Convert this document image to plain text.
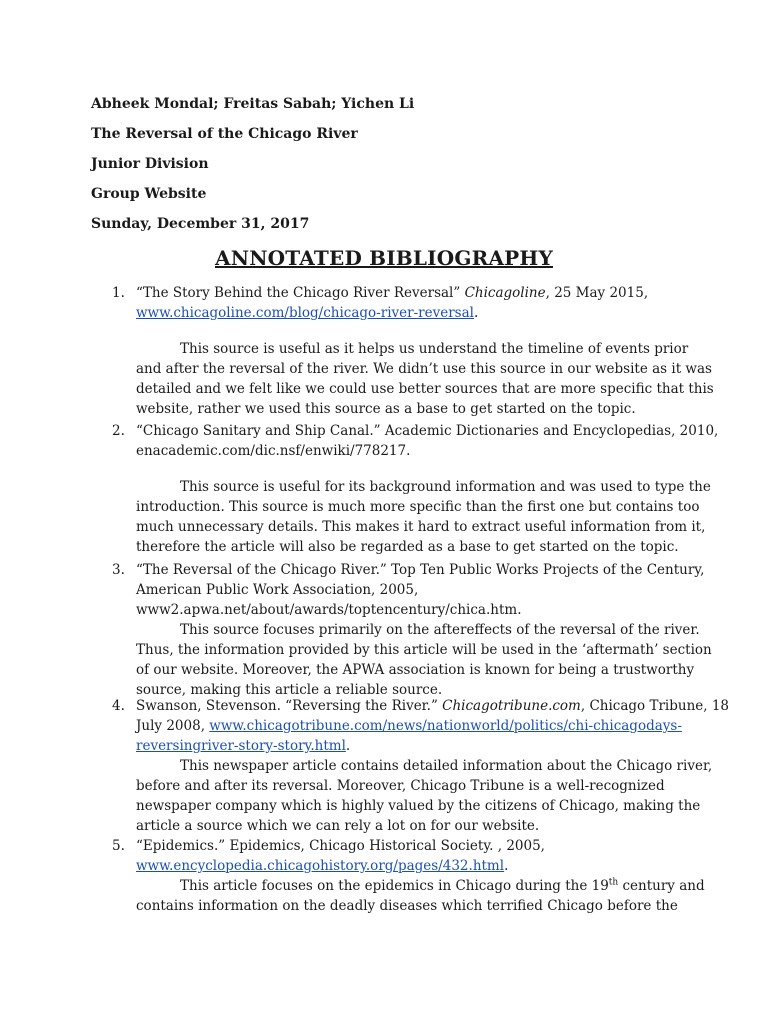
Abheek Mondal; Freitas Sabah; Yichen Li
The Reversal of the Chicago River
Junior Division
Group Website
Sunday, December 31, 2017
ANNOTATED BIBLIOGRAPHY
1. “The Story Behind the Chicago River Reversal” Chicagoline, 25 May 2015,
www.chicagoline.com/blog/chicago-river-reversal.
This source is useful as it helps us understand the timeline of events prior
and after the reversal of the river. We didn’t use this source in our website as it was
detailed and we felt like we could use better sources that are more specific that this
website, rather we used this source as a base to get started on the topic.
2. “Chicago Sanitary and Ship Canal.” Academic Dictionaries and Encyclopedias, 2010,
enacademic.com/dic.nsf/enwiki/778217.
This source is useful for its background information and was used to type the
introduction. This source is much more specific than the first one but contains too
much unnecessary details. This makes it hard to extract useful information from it,
therefore the article will also be regarded as a base to get started on the topic.
3. “The Reversal of the Chicago River.” Top Ten Public Works Projects of the Century,
American Public Work Association, 2005,
www2.apwa.net/about/awards/toptencentury/chica.htm.
This source focuses primarily on the aftereffects of the reversal of the river.
Thus, the information provided by this article will be used in the ‘aftermath’ section
of our website. Moreover, the APWA association is known for being a trustworthy
source, making this article a reliable source.
4. Swanson, Stevenson. “Reversing the River.” Chicagotribune.com, Chicago Tribune, 18
July 2008, www.chicagotribune.com/news/nationworld/politics/chi-chicagodays-
reversingriver-story-story.html.
This newspaper article contains detailed information about the Chicago river,
before and after its reversal. Moreover, Chicago Tribune is a well-recognized
newspaper company which is highly valued by the citizens of Chicago, making the
article a source which we can rely a lot on for our website.
5. “Epidemics.” Epidemics, Chicago Historical Society. , 2005,
www.encyclopedia.chicagohistory.org/pages/432.html.
This article focuses on the epidemics in Chicago during the 19th century and
contains information on the deadly diseases which terrified Chicago before the
